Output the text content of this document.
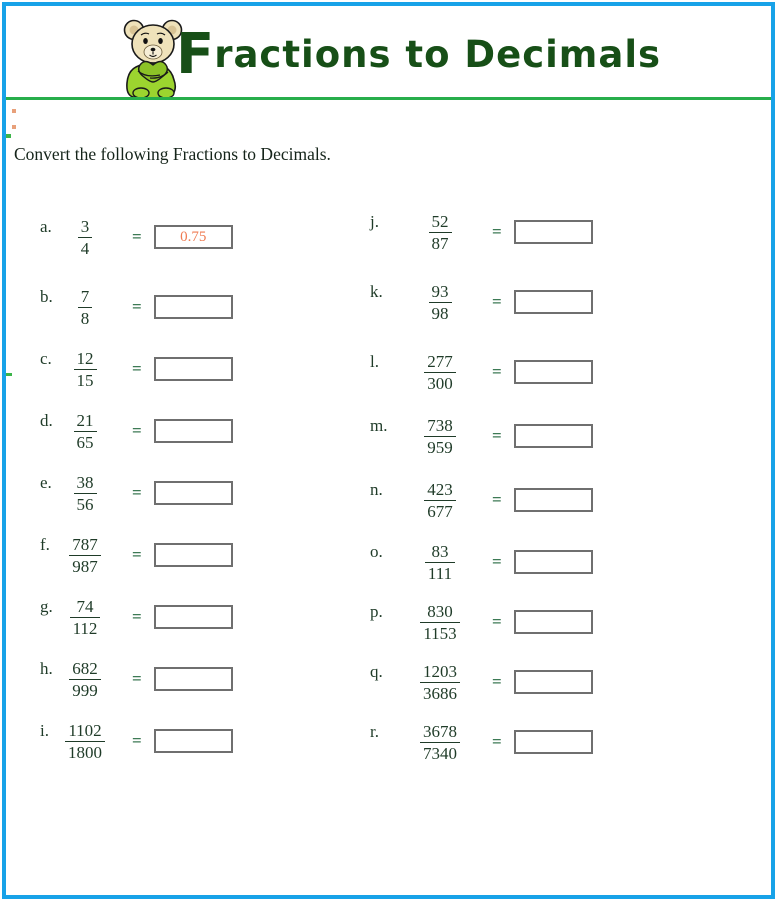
Fractions to Decimals
Convert the following Fractions to Decimals.
a.	$\frac{3}{4}$ =	0.75
b.	$\frac{7}{8}$ =
c.	$\frac{12}{15}$ =
d.	$\frac{21}{65}$ =
e.	$\frac{38}{56}$ =
f.	$\frac{787}{987}$ =
g. $\frac{74}{112}$ =
h. $\frac{682}{999}$ =
i. $\frac{1102}{1800}$ =
j.	$\frac{52}{87}$ =
k.	$\frac{93}{98}$ =
l.	$\frac{277}{300}$ =
m.	$\frac{738}{959}$ =
n.	$\frac{423}{677}$ =
o.	$\frac{83}{111}$ =
p.	$\frac{830}{1153}$ =
q.	$\frac{1203}{3686}$ =
r.	$\frac{3678}{7340}$ =
